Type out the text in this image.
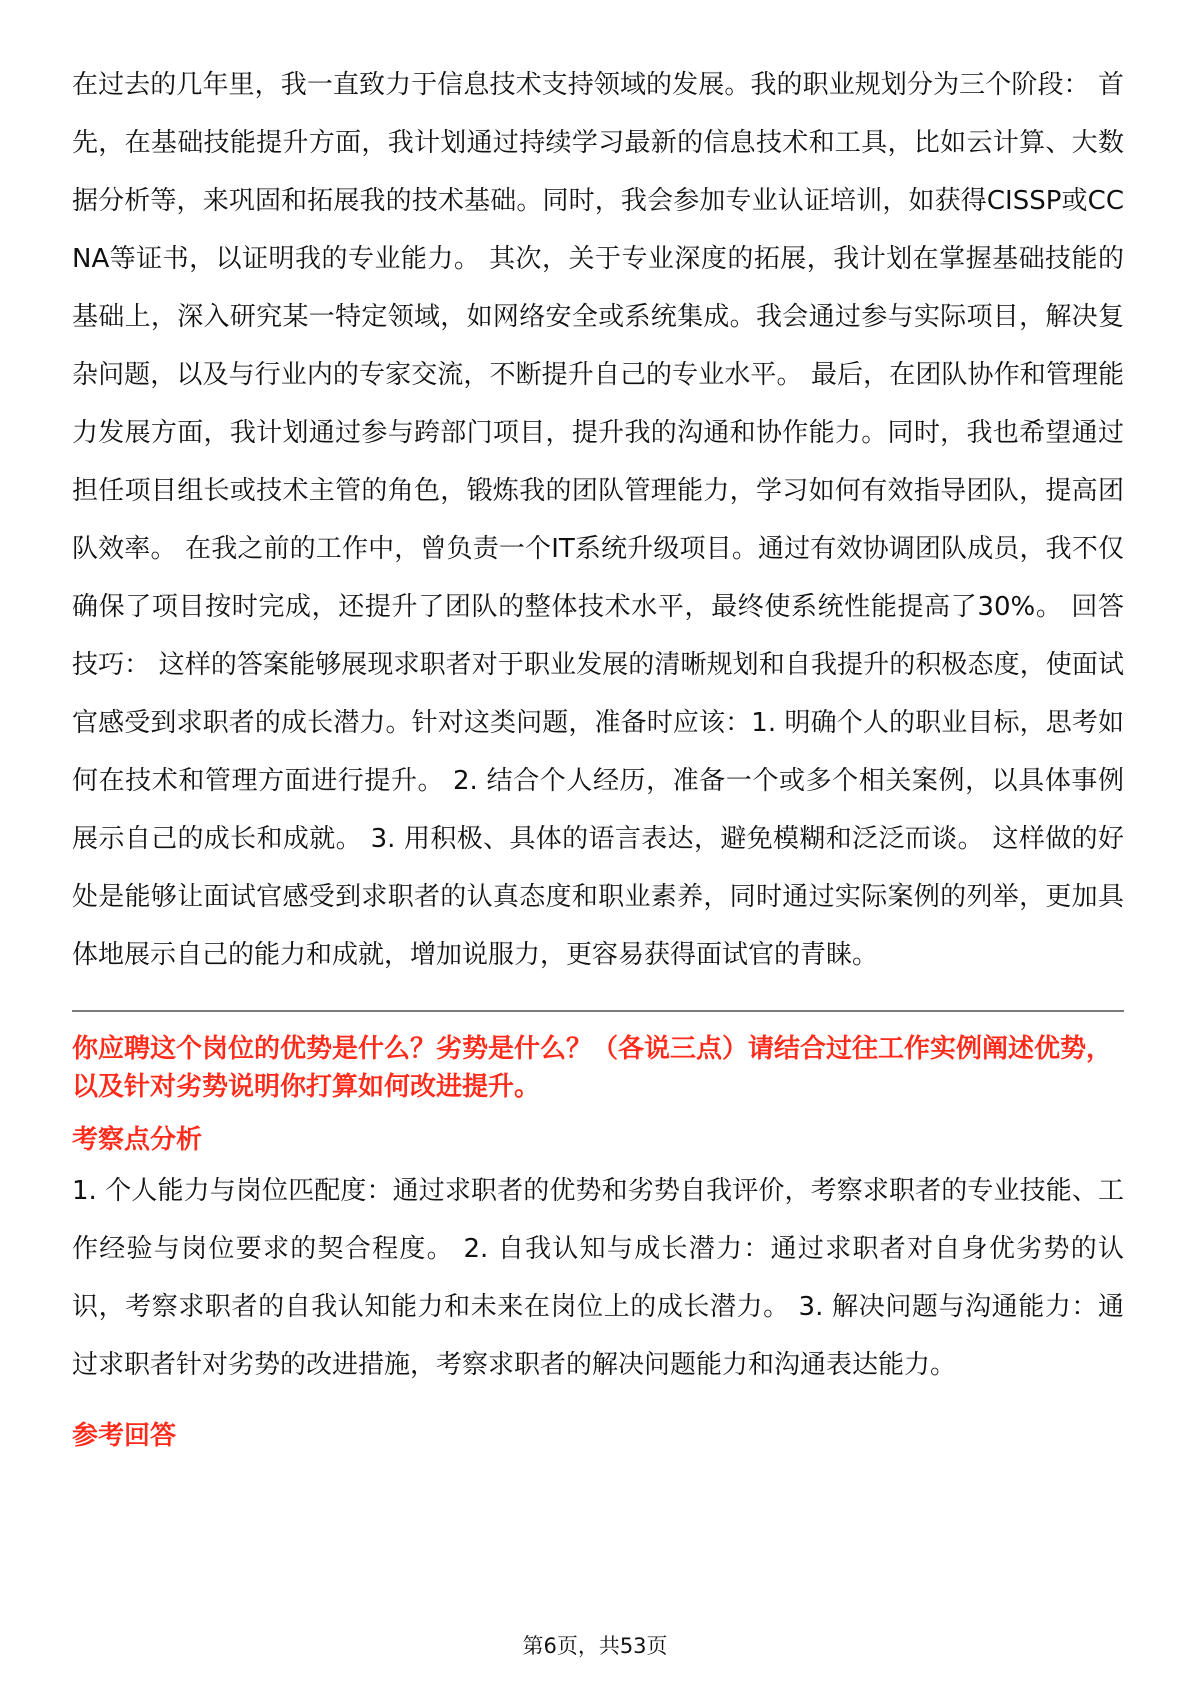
在过去的几年里，我一直致力于信息技术支持领域的发展。我的职业规划分为三个阶段： 首先，在基础技能提升方面，我计划通过持续学习最新的信息技术和工具，比如云计算、大数据分析等，来巩固和拓展我的技术基础。同时，我会参加专业认证培训，如获得CISSP或CCNA等证书，以证明我的专业能力。 其次，关于专业深度的拓展，我计划在掌握基础技能的基础上，深入研究某一特定领域，如网络安全或系统集成。我会通过参与实际项目，解决复杂问题，以及与行业内的专家交流，不断提升自己的专业水平。 最后，在团队协作和管理能力发展方面，我计划通过参与跨部门项目，提升我的沟通和协作能力。同时，我也希望通过担任项目组长或技术主管的角色，锻炼我的团队管理能力，学习如何有效指导团队，提高团队效率。 在我之前的工作中，曾负责一个IT系统升级项目。通过有效协调团队成员，我不仅确保了项目按时完成，还提升了团队的整体技术水平，最终使系统性能提高了30%。 回答技巧： 这样的答案能够展现求职者对于职业发展的清晰规划和自我提升的积极态度，使面试官感受到求职者的成长潜力。针对这类问题，准备时应该：1. 明确个人的职业目标，思考如何在技术和管理方面进行提升。 2. 结合个人经历，准备一个或多个相关案例，以具体事例展示自己的成长和成就。 3. 用积极、具体的语言表达，避免模糊和泛泛而谈。 这样做的好处是能够让面试官感受到求职者的认真态度和职业素养，同时通过实际案例的列举，更加具体地展示自己的能力和成就，增加说服力，更容易获得面试官的青睐。

你应聘这个岗位的优势是什么？劣势是什么？（各说三点）请结合过往工作实例阐述优势，以及针对劣势说明你打算如何改进提升。

考察点分析

1. 个人能力与岗位匹配度：通过求职者的优势和劣势自我评价，考察求职者的专业技能、工作经验与岗位要求的契合程度。 2. 自我认知与成长潜力：通过求职者对自身优劣势的认识，考察求职者的自我认知能力和未来在岗位上的成长潜力。 3. 解决问题与沟通能力：通过求职者针对劣势的改进措施，考察求职者的解决问题能力和沟通表达能力。

参考回答
第6页，共53页
